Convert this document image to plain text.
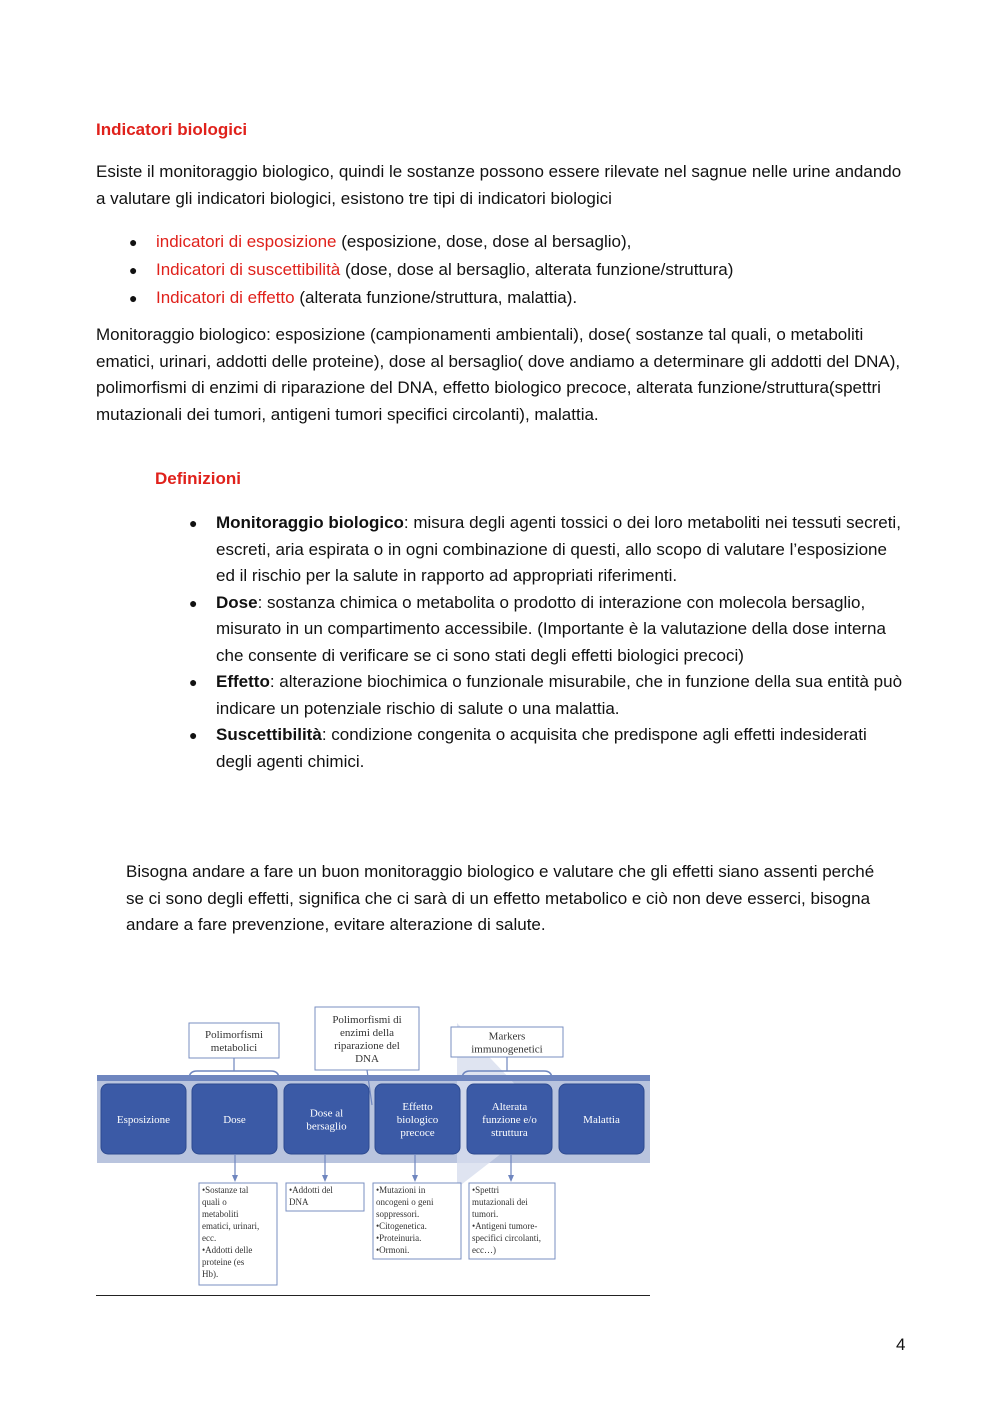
Indicatori biologici
Esiste il monitoraggio biologico, quindi le sostanze possono essere rilevate nel sagnue nelle urine andando a valutare gli indicatori biologici, esistono tre tipi di indicatori biologici
● indicatori di esposizione (esposizione, dose, dose al bersaglio),
● Indicatori di suscettibilità (dose, dose al bersaglio, alterata funzione/struttura)
● Indicatori di effetto (alterata funzione/struttura, malattia).
Monitoraggio biologico: esposizione (campionamenti ambientali), dose( sostanze tal quali, o metaboliti ematici, urinari, addotti delle proteine), dose al bersaglio( dove andiamo a determinare gli addotti del DNA), polimorfismi di enzimi di riparazione del DNA, effetto biologico precoce, alterata funzione/struttura(spettri mutazionali dei tumori, antigeni tumori specifici circolanti), malattia.
Definizioni
● Monitoraggio biologico: misura degli agenti tossici o dei loro metaboliti nei tessuti secreti, escreti, aria espirata o in ogni combinazione di questi, allo scopo di valutare l’esposizione ed il rischio per la salute in rapporto ad appropriati riferimenti.
● Dose: sostanza chimica o metabolita o prodotto di interazione con molecola bersaglio, misurato in un compartimento accessibile. (Importante è la valutazione della dose interna che consente di verificare se ci sono stati degli effetti biologici precoci)
● Effetto: alterazione biochimica o funzionale misurabile, che in funzione della sua entità può indicare un potenziale rischio di salute o una malattia.
● Suscettibilità: condizione congenita o acquisita che predispone agli effetti indesiderati degli agenti chimici.
Bisogna andare a fare un buon monitoraggio biologico e valutare che gli effetti siano assenti perché se ci sono degli effetti, significa che ci sarà di un effetto metabolico e ciò non deve esserci, bisogna andare a fare prevenzione, evitare alterazione di salute.
Esposizione	Dose
Dose al bersaglio
Effetto biologico precoce
Alterata funzione e/o struttura
Malattia
Polimorfismi metabolici
Polimorfismi di enzimi della riparazione del DNA
Markers immunogenetici
•Sostanze tal quali o metaboliti ematici, urinari, ecc. •Addotti delle proteine (es Hb).
•Addotti del DNA
•Mutazioni in oncogeni o geni soppressori. •Citogenetica. •Proteinuria. •Ormoni.
•Spettri mutazionali dei tumori. •Antigeni tumore-specifici circolanti, ecc…)
4
